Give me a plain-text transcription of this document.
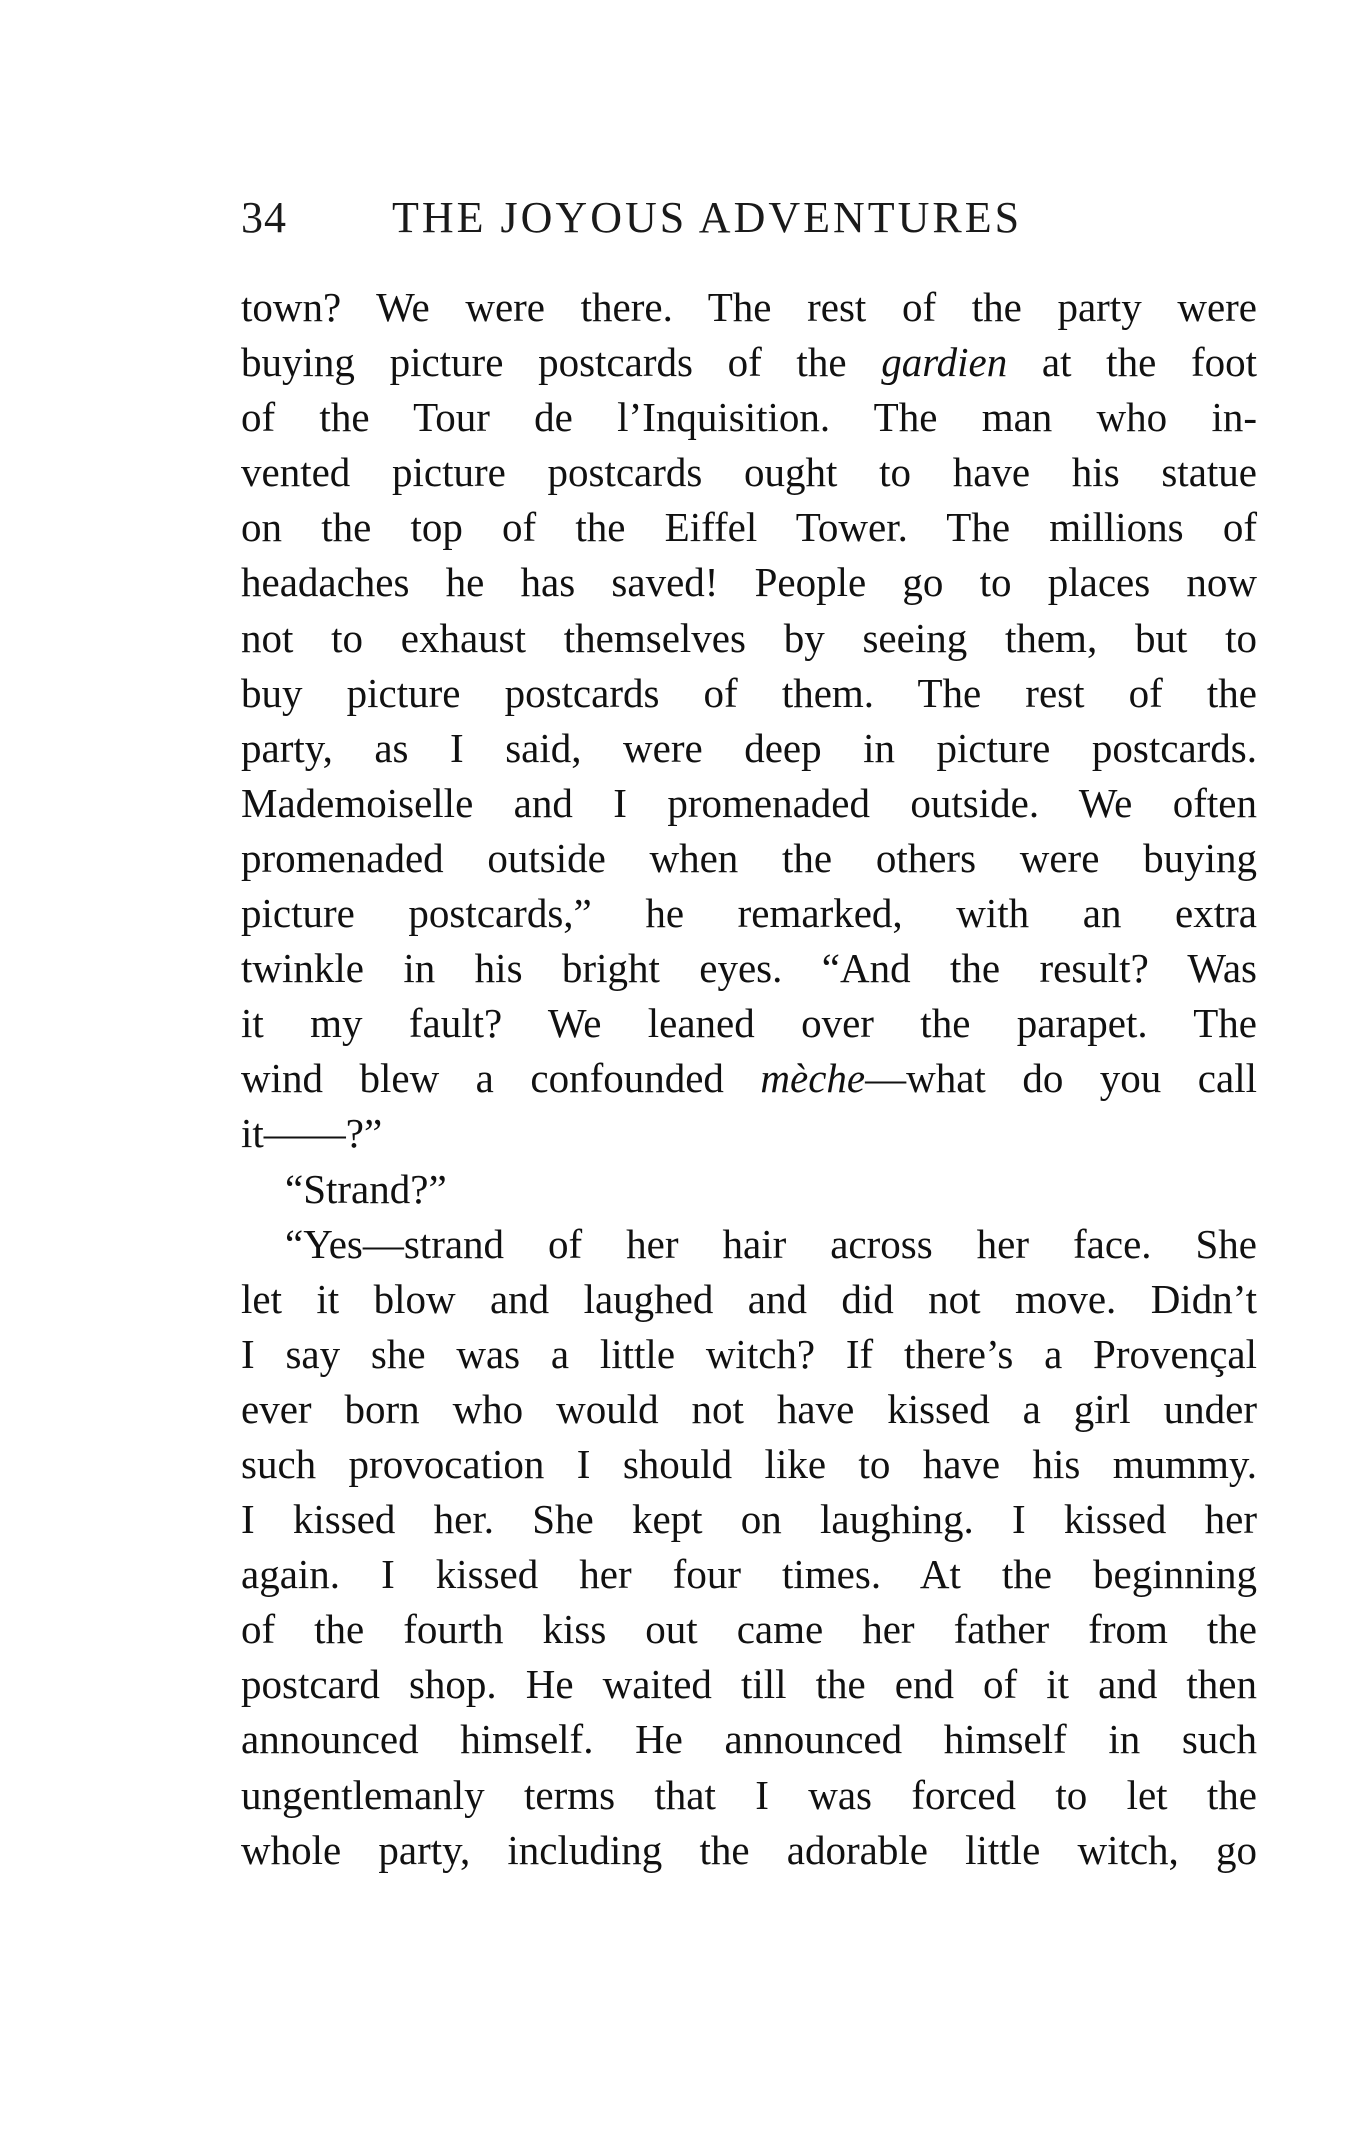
34 THE JOYOUS ADVENTURES
town? We were there. The rest of the party were
buying picture postcards of the gardien at the foot
of the Tour de l’Inquisition. The man who in-
vented picture postcards ought to have his statue
on the top of the Eiffel Tower. The millions of
headaches he has saved! People go to places now
not to exhaust themselves by seeing them, but to
buy picture postcards of them. The rest of the
party, as I said, were deep in picture postcards.
Mademoiselle and I promenaded outside. We often
promenaded outside when the others were buying
picture postcards,” he remarked, with an extra
twinkle in his bright eyes. “And the result? Was
it my fault? We leaned over the parapet. The
wind blew a confounded mèche—what do you call
it——?”
“Strand?”
“Yes—strand of her hair across her face. She
let it blow and laughed and did not move. Didn’t
I say she was a little witch? If there’s a Provençal
ever born who would not have kissed a girl under
such provocation I should like to have his mummy.
I kissed her. She kept on laughing. I kissed her
again. I kissed her four times. At the beginning
of the fourth kiss out came her father from the
postcard shop. He waited till the end of it and then
announced himself. He announced himself in such
ungentlemanly terms that I was forced to let the
whole party, including the adorable little witch, go
